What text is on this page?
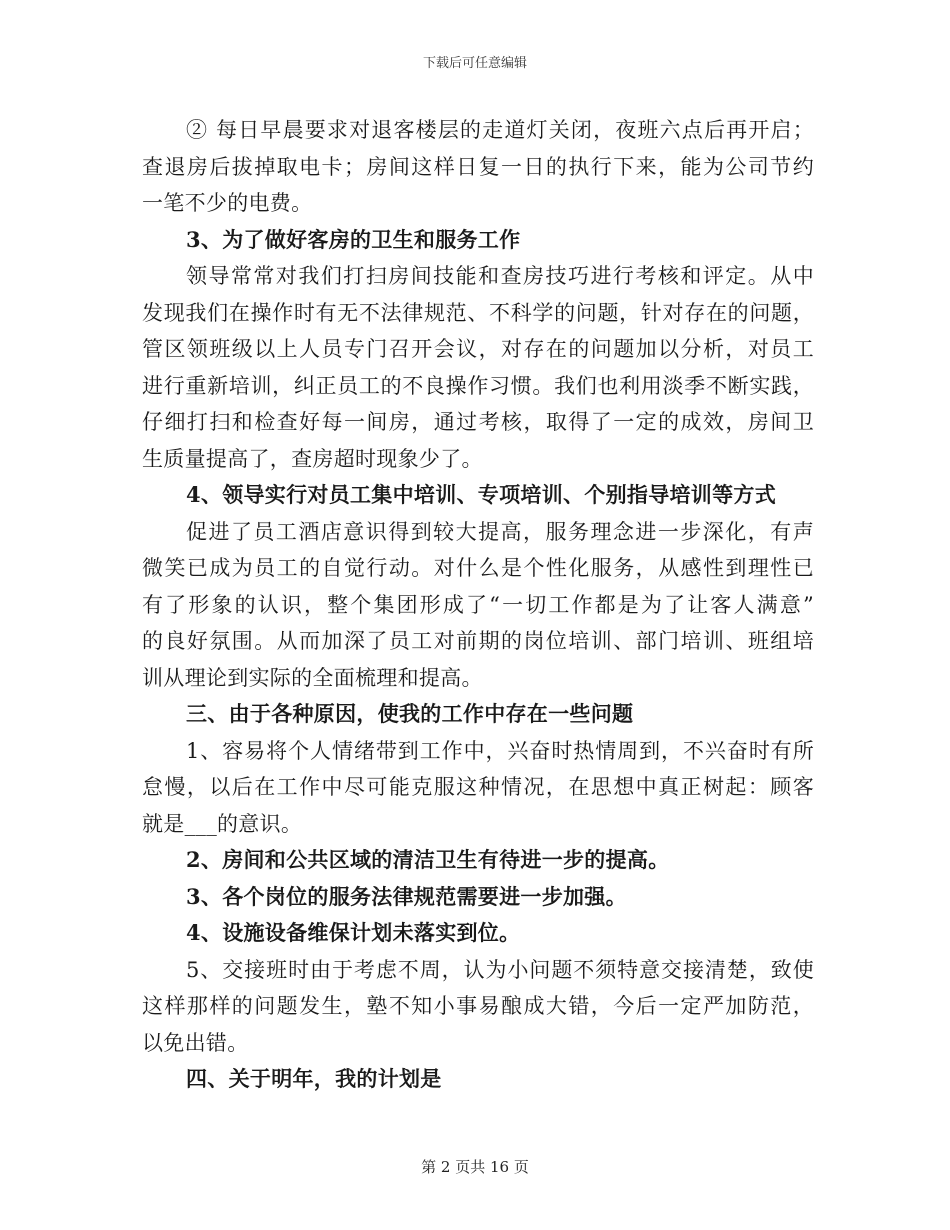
下载后可任意编辑
② 每日早晨要求对退客楼层的走道灯关闭，夜班六点后再开启；
查退房后拔掉取电卡；房间这样日复一日的执行下来，能为公司节约
一笔不少的电费。
3、为了做好客房的卫生和服务工作
领导常常对我们打扫房间技能和查房技巧进行考核和评定。从中
发现我们在操作时有无不法律规范、不科学的问题，针对存在的问题，
管区领班级以上人员专门召开会议，对存在的问题加以分析，对员工
进行重新培训，纠正员工的不良操作习惯。我们也利用淡季不断实践，
仔细打扫和检查好每一间房，通过考核，取得了一定的成效，房间卫
生质量提高了，查房超时现象少了。
4、领导实行对员工集中培训、专项培训、个别指导培训等方式
促进了员工酒店意识得到较大提高，服务理念进一步深化，有声
微笑已成为员工的自觉行动。对什么是个性化服务，从感性到理性已
有了形象的认识，整个集团形成了“一切工作都是为了让客人满意”
的良好氛围。从而加深了员工对前期的岗位培训、部门培训、班组培
训从理论到实际的全面梳理和提高。
三、由于各种原因，使我的工作中存在一些问题
1、容易将个人情绪带到工作中，兴奋时热情周到，不兴奋时有所
怠慢，以后在工作中尽可能克服这种情况，在思想中真正树起：顾客
就是___的意识。
2、房间和公共区域的清洁卫生有待进一步的提高。
3、各个岗位的服务法律规范需要进一步加强。
4、设施设备维保计划未落实到位。
5、交接班时由于考虑不周，认为小问题不须特意交接清楚，致使
这样那样的问题发生，塾不知小事易酿成大错，今后一定严加防范，
以免出错。
四、关于明年，我的计划是
第 2 页共 16 页
